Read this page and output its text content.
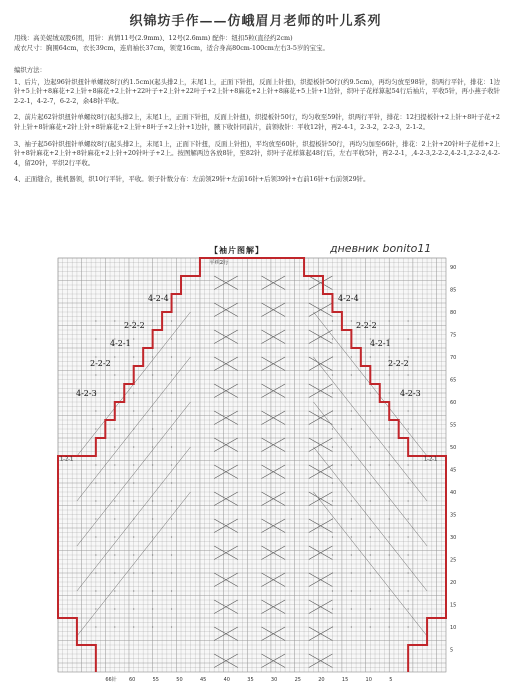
织锦坊手作——仿峨眉月老师的叶儿系列

用线：高美妮绒双股6团，用针：真情11号(2.9mm)、12号(2.6mm) 配件：纽扣5粒(直径约2cm)

成衣尺寸：胸围64cm，衣长39cm，连肩袖长37cm，领宽16cm，适合身高80cm-100cm左右3-5岁的宝宝。

编织方法：

1、后片，边起96针织扭针单螺纹8行(约1.5cm)(起头排2上，末尾1上，正面下针扭，反面上针扭)，织提板针50行(约9.5cm)，再均匀放至98针，织两行平针，排花：1边针+5上针+8麻花+2上针+8麻花+2上针+22叶子+2上针+22叶子+2上针+8麻花+2上针+8麻花+5上针+1边针，织叶子花样算起54行后袖片，平收5针，再小燕子收针2-2-1，4-2-7，6-2-2，余48针平收。

2、前片起62针织扭针单螺纹8行(起头排2上，末尾1上，正面下针扭，反面上针扭)，织提板针50行，均匀收至59针，织两行平针，排花：12扫提板针+2上针+8叶子花+2针上针+8针麻花+2针上针+8针麻花+2上针+8叶子+2上针+1边针，腋下收针同前片，前领收针：平收12针，再2-4-1，2-3-2，2-2-3，2-1-2。

3、袖子起56针织扭针单螺纹8行(起头排2上，末尾1上，正面下针扭，反面上针扭)，平均放至60针，织提板针50行，再均匀加至66针，排花：2上针+20针叶子花样+2上针+8针麻花+2上针+8针麻花+2上针+20针叶子+2上。按图解两边各放8针，至82针，织叶子花样算起48行后，左右平收5针，再2-2-1，,4-2-3,2-2-2,4-2-1,2-2-2,4-2-4，留20针，平织2行平收。

4、正面缝合，挑机器领，织10行平针，平收。领子针数分布：左前领29针+左前16针+后领39针+右前16针+右前领29针。

【袖片图解】	дневник bonito11
90
85
80
75
70
65
60
55
50
45
40
35
30
25
20
15
10
5
66针 60	55	50	45	40	35	30	25	20	15	10	5
平织2行
1-2-1	1-2-1
4-2-4
2-2-2
4-2-1
2-2-2
4-2-3
4-2-4
2-2-2
4-2-1
2-2-2
4-2-3
